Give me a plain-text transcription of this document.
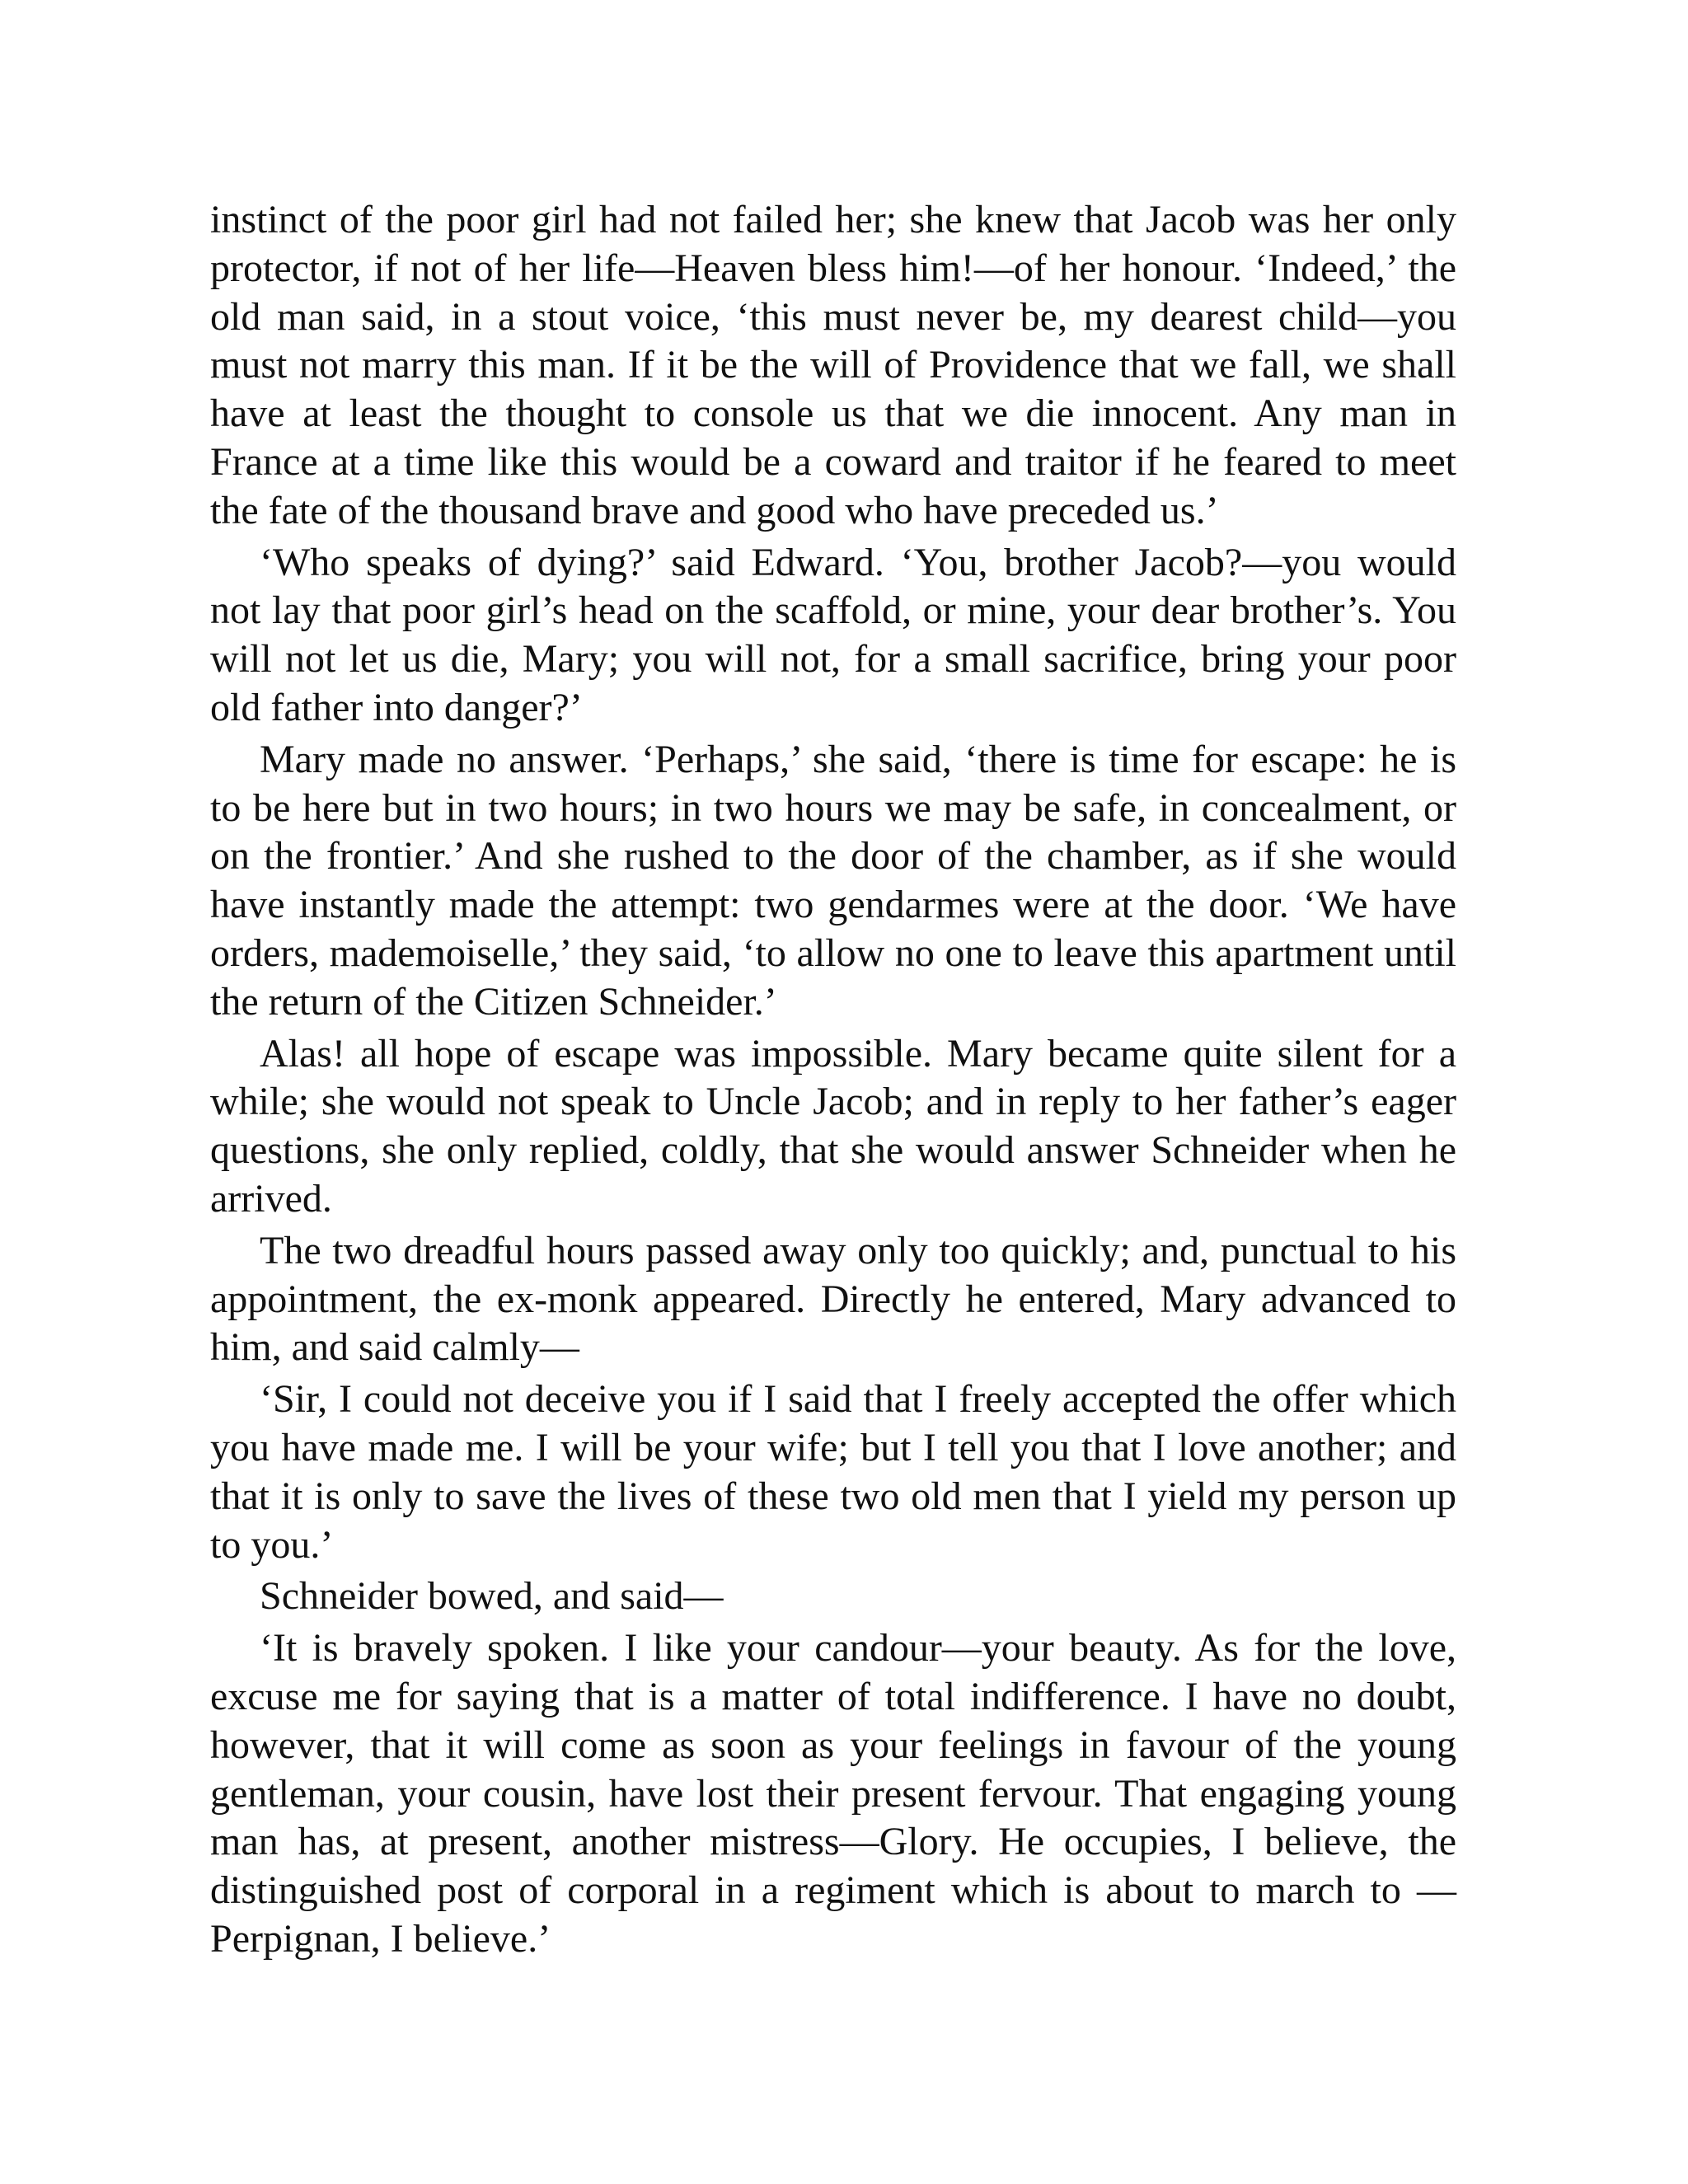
instinct of the poor girl had not failed her; she knew that Jacob was her only protector, if not of her life—Heaven bless him!—of her honour. ‘Indeed,’ the old man said, in a stout voice, ‘this must never be, my dearest child—you must not marry this man. If it be the will of Providence that we fall, we shall have at least the thought to console us that we die innocent. Any man in France at a time like this would be a coward and traitor if he feared to meet the fate of the thousand brave and good who have preceded us.’

‘Who speaks of dying?’ said Edward. ‘You, brother Jacob?—you would not lay that poor girl’s head on the scaffold, or mine, your dear brother’s. You will not let us die, Mary; you will not, for a small sacrifice, bring your poor old father into danger?’

Mary made no answer. ‘Perhaps,’ she said, ‘there is time for escape: he is to be here but in two hours; in two hours we may be safe, in concealment, or on the frontier.’ And she rushed to the door of the chamber, as if she would have instantly made the attempt: two gendarmes were at the door. ‘We have orders, mademoiselle,’ they said, ‘to allow no one to leave this apartment until the return of the Citizen Schneider.’

Alas! all hope of escape was impossible. Mary became quite silent for a while; she would not speak to Uncle Jacob; and in reply to her father’s eager questions, she only replied, coldly, that she would answer Schneider when he arrived.

The two dreadful hours passed away only too quickly; and, punctual to his appointment, the ex-monk appeared. Directly he entered, Mary advanced to him, and said calmly—

‘Sir, I could not deceive you if I said that I freely accepted the offer which you have made me. I will be your wife; but I tell you that I love another; and that it is only to save the lives of these two old men that I yield my person up to you.’

Schneider bowed, and said—

‘It is bravely spoken. I like your candour—your beauty. As for the love, excuse me for saying that is a matter of total indifference. I have no doubt, however, that it will come as soon as your feelings in favour of the young gentleman, your cousin, have lost their present fervour. That engaging young man has, at present, another mistress—Glory. He occupies, I believe, the distinguished post of corporal in a regiment which is about to march to —Perpignan, I believe.’
